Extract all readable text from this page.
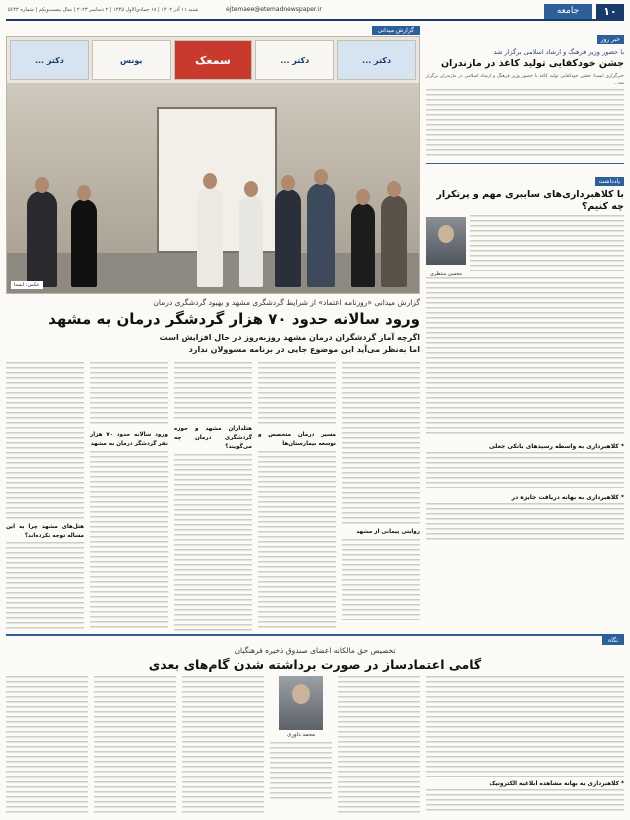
۱۰
جامعه
ejtemaee@etemadnewspaper.ir
شنبه ۱۱ آذر ۱۴۰۲ | ۱۸ جمادی‌الاول ۱۴۴۵ | ۲ دسامبر ۲۰۲۳ | سال بیست‌ویکم | شماره ۵۶۴۳
خبر روز
با حضور وزیر فرهنگ و ارشاد اسلامی برگزار شد
جشن خودکفایی تولید کاغذ در مازندران
خبرگزاری ایسنا: جشن خودکفایی تولید کاغذ با حضور وزیر فرهنگ و ارشاد اسلامی در مازندران برگزار شد...
یادداشت
با کلاهبرداری‌های سایبری مهم و پرتکرار چه کنیم؟
محسن منتظری
* کلاهبرداری به واسطه رسیدهای بانکی جعلی
* کلاهبرداری به بهانه دریافت جایزه در
گزارش میدانی
دکتر ...
دکتر ...
سمعک
یونس
دکتر ...
عکس: ایسنا
گزارش میدانی «روزنامه اعتماد» از شرایط گردشگری مشهد و بهبود گردشگری درمان
ورود سالانه حدود ۷۰ هزار گردشگر درمان به مشهد
اگرچه آمار گردشگران درمان مشهد روز‌به‌روز در حال افزایش است
اما به‌نظر می‌آید این موضوع جایی در برنامه مسوولان ندارد
روایتی پیمانی از مشهد
مسیر درمان متخصص و توسعه بیمارستان‌ها
هتلداران مشهد و حوزه گردشگری درمان چه می‌گویند؟
ورود سالانه حدود ۷۰ هزار نفر گردشگر درمان به مشهد
هتل‌های مشهد چرا به این مساله توجه نکرده‌اند؟
نگاه
تخصیص حق مالکانه اعضای صندوق ذخیره فرهنگیان
گامی اعتمادساز در صورت برداشته شدن گام‌های بعدی
* کلاهبرداری به بهانه مشاهده ابلاغیه الکترونیک
محمد داوری
